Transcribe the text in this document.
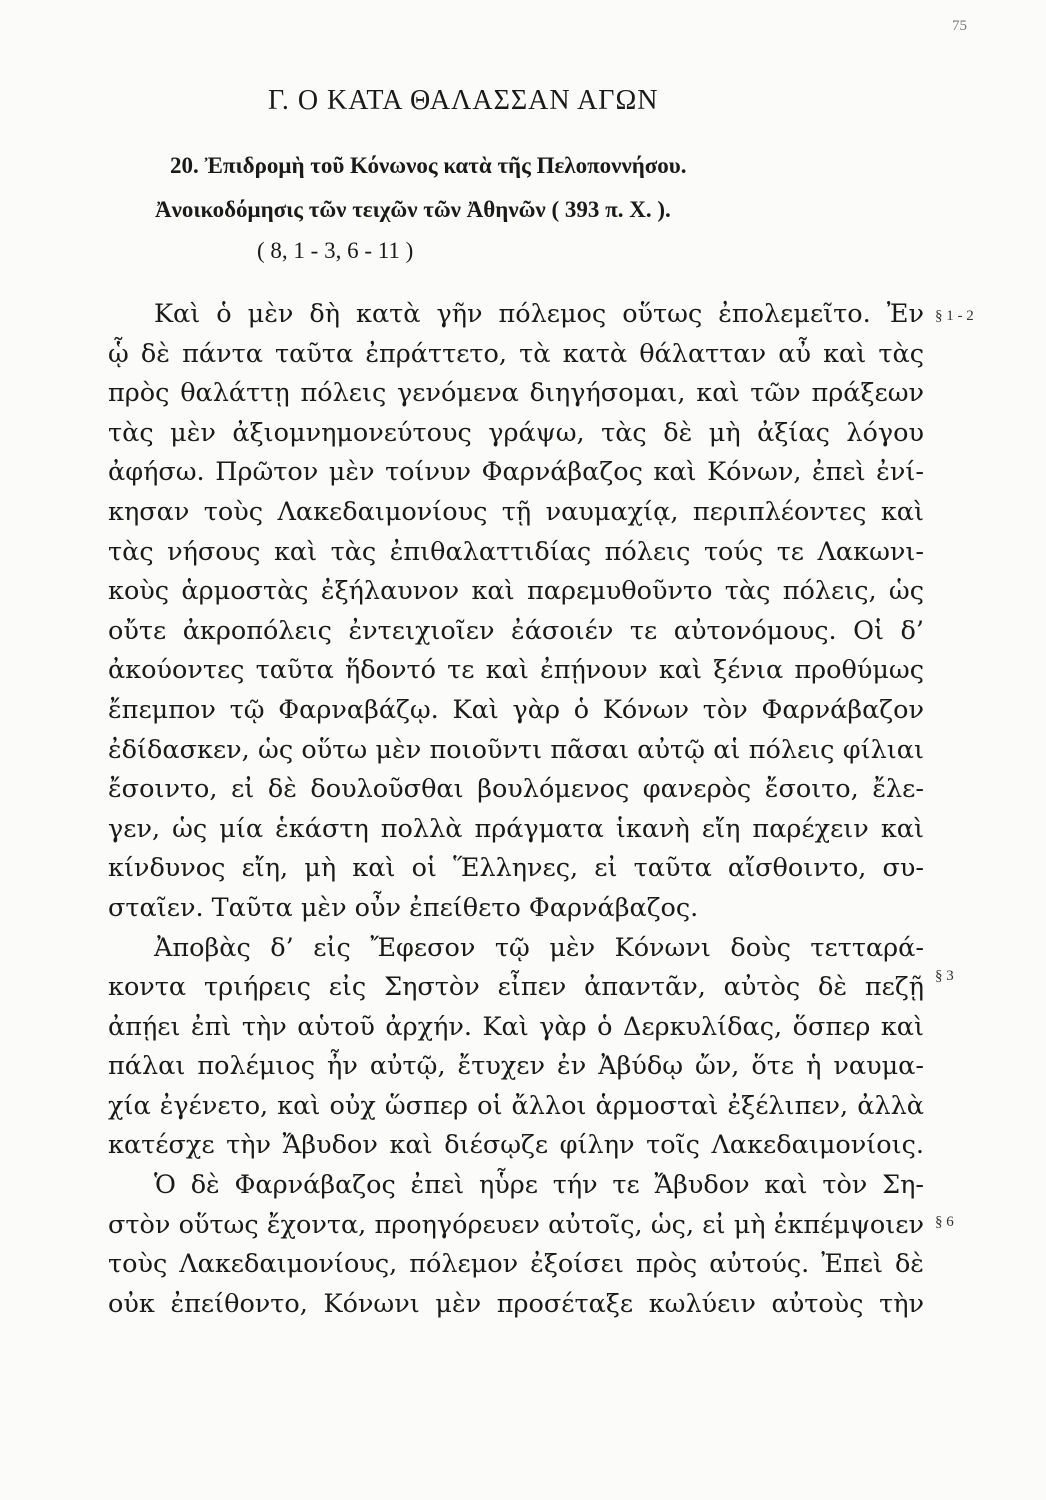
75
Γ. Ο ΚΑΤΑ ΘΑΛΑΣΣΑΝ ΑΓΩΝ
20. Ἐπιδρομὴ τοῦ Κόνωνος κατὰ τῆς Πελοποννήσου.
Ἀνοικοδόμησις τῶν τειχῶν τῶν Ἀθηνῶν ( 393 π. Χ. ).
( 8, 1 - 3, 6 - 11 )
Καὶ ὁ μὲν δὴ κατὰ γῆν πόλεμος οὕτως ἐπολεμεῖτο. Ἐν
ᾧ δὲ πάντα ταῦτα ἐπράττετο, τὰ κατὰ θάλατταν αὖ καὶ τὰς
πρὸς θαλάττῃ πόλεις γενόμενα διηγήσομαι, καὶ τῶν πράξεων
τὰς μὲν ἀξιομνημονεύτους γράψω, τὰς δὲ μὴ ἀξίας λόγου
ἀφήσω. Πρῶτον μὲν τοίνυν Φαρνάβαζος καὶ Κόνων, ἐπεὶ ἐνί-
κησαν τοὺς Λακεδαιμονίους τῇ ναυμαχίᾳ, περιπλέοντες καὶ
τὰς νήσους καὶ τὰς ἐπιθαλαττιδίας πόλεις τούς τε Λακωνι-
κοὺς ἁρμοστὰς ἐξήλαυνον καὶ παρεμυθοῦντο τὰς πόλεις, ὡς
οὔτε ἀκροπόλεις ἐντειχιοῖεν ἐάσοιέν τε αὐτονόμους. Οἱ δ’
ἀκούοντες ταῦτα ἥδοντό τε καὶ ἐπῄνουν καὶ ξένια προθύμως
ἔπεμπον τῷ Φαρναβάζῳ. Καὶ γὰρ ὁ Κόνων τὸν Φαρνάβαζον
ἐδίδασκεν, ὡς οὕτω μὲν ποιοῦντι πᾶσαι αὐτῷ αἱ πόλεις φίλιαι
ἔσοιντο, εἰ δὲ δουλοῦσθαι βουλόμενος φανερὸς ἔσοιτο, ἔλε-
γεν, ὡς μία ἑκάστη πολλὰ πράγματα ἱκανὴ εἴη παρέχειν καὶ
κίνδυνος εἴη, μὴ καὶ οἱ Ἕλληνες, εἰ ταῦτα αἴσθοιντο, συ-
σταῖεν. Ταῦτα μὲν οὖν ἐπείθετο Φαρνάβαζος.
Ἀποβὰς δ’ εἰς Ἔφεσον τῷ μὲν Κόνωνι δοὺς τετταρά-
κοντα τριήρεις εἰς Σηστὸν εἶπεν ἀπαντᾶν, αὐτὸς δὲ πεζῇ
ἀπῄει ἐπὶ τὴν αὑτοῦ ἀρχήν. Καὶ γὰρ ὁ Δερκυλίδας, ὅσπερ καὶ
πάλαι πολέμιος ἦν αὐτῷ, ἔτυχεν ἐν Ἀβύδῳ ὤν, ὅτε ἡ ναυμα-
χία ἐγένετο, καὶ οὐχ ὥσπερ οἱ ἄλλοι ἁρμοσταὶ ἐξέλιπεν, ἀλλὰ
κατέσχε τὴν Ἄβυδον καὶ διέσῳζε φίλην τοῖς Λακεδαιμονίοις.
Ὁ δὲ Φαρνάβαζος ἐπεὶ ηὗρε τήν τε Ἄβυδον καὶ τὸν Ση-
στὸν οὕτως ἔχοντα, προηγόρευεν αὐτοῖς, ὡς, εἰ μὴ ἐκπέμψοιεν
τοὺς Λακεδαιμονίους, πόλεμον ἐξοίσει πρὸς αὐτούς. Ἐπεὶ δὲ
οὐκ ἐπείθοντο, Κόνωνι μὲν προσέταξε κωλύειν αὐτοὺς τὴν
§ 1 - 2
§ 3
§ 6
